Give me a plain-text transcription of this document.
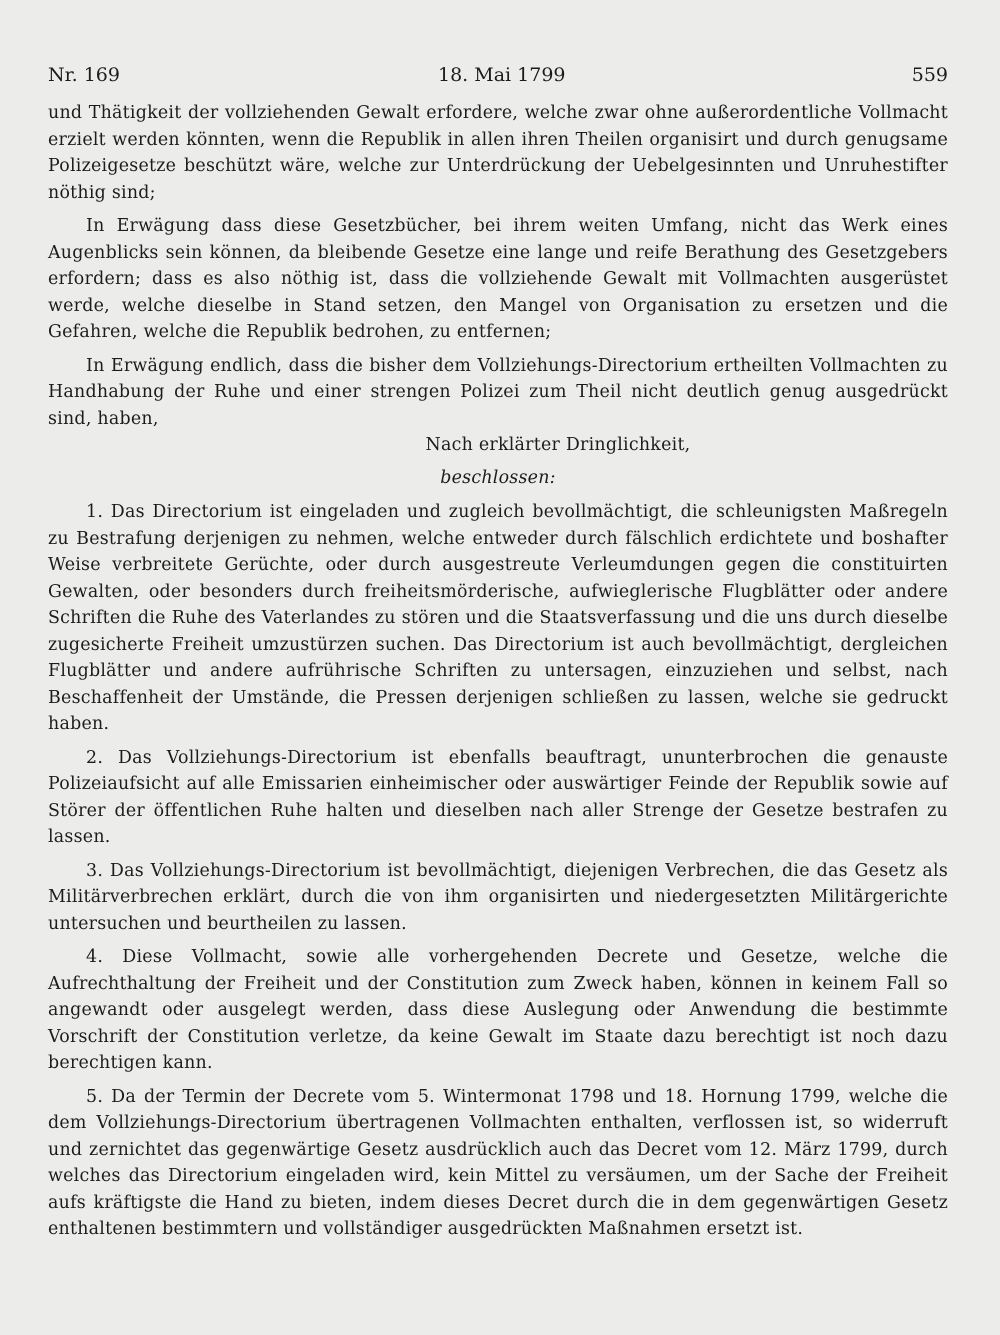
Nr. 169	18. Mai 1799	559

und Thätigkeit der vollziehenden Gewalt erfordere, welche zwar ohne außerordentliche Vollmacht erzielt werden könnten, wenn die Republik in allen ihren Theilen organisirt und durch genugsame Polizeigesetze beschützt wäre, welche zur Unterdrückung der Uebelgesinnten und Unruhestifter nöthig sind;

In Erwägung dass diese Gesetzbücher, bei ihrem weiten Umfang, nicht das Werk eines Augenblicks sein können, da bleibende Gesetze eine lange und reife Berathung des Gesetzgebers erfordern; dass es also nöthig ist, dass die vollziehende Gewalt mit Vollmachten ausgerüstet werde, welche dieselbe in Stand setzen, den Mangel von Organisation zu ersetzen und die Gefahren, welche die Republik bedrohen, zu entfernen;

In Erwägung endlich, dass die bisher dem Vollziehungs-Directorium ertheilten Vollmachten zu Handhabung der Ruhe und einer strengen Polizei zum Theil nicht deutlich genug ausgedrückt sind, haben,

Nach erklärter Dringlichkeit,

beschlossen:

1. Das Directorium ist eingeladen und zugleich bevollmächtigt, die schleunigsten Maßregeln zu Bestrafung derjenigen zu nehmen, welche entweder durch fälschlich erdichtete und boshafter Weise verbreitete Gerüchte, oder durch ausgestreute Verleumdungen gegen die constituirten Gewalten, oder besonders durch freiheitsmörderische, aufwieglerische Flugblätter oder andere Schriften die Ruhe des Vaterlandes zu stören und die Staatsverfassung und die uns durch dieselbe zugesicherte Freiheit umzustürzen suchen. Das Directorium ist auch bevollmächtigt, dergleichen Flugblätter und andere aufrührische Schriften zu untersagen, einzuziehen und selbst, nach Beschaffenheit der Umstände, die Pressen derjenigen schließen zu lassen, welche sie gedruckt haben.

2. Das Vollziehungs-Directorium ist ebenfalls beauftragt, ununterbrochen die genauste Polizeiaufsicht auf alle Emissarien einheimischer oder auswärtiger Feinde der Republik sowie auf Störer der öffentlichen Ruhe halten und dieselben nach aller Strenge der Gesetze bestrafen zu lassen.

3. Das Vollziehungs-Directorium ist bevollmächtigt, diejenigen Verbrechen, die das Gesetz als Militärverbrechen erklärt, durch die von ihm organisirten und niedergesetzten Militärgerichte untersuchen und beurtheilen zu lassen.

4. Diese Vollmacht, sowie alle vorhergehenden Decrete und Gesetze, welche die Aufrechthaltung der Freiheit und der Constitution zum Zweck haben, können in keinem Fall so angewandt oder ausgelegt werden, dass diese Auslegung oder Anwendung die bestimmte Vorschrift der Constitution verletze, da keine Gewalt im Staate dazu berechtigt ist noch dazu berechtigen kann.

5. Da der Termin der Decrete vom 5. Wintermonat 1798 und 18. Hornung 1799, welche die dem Vollziehungs-Directorium übertragenen Vollmachten enthalten, verflossen ist, so widerruft und zernichtet das gegenwärtige Gesetz ausdrücklich auch das Decret vom 12. März 1799, durch welches das Directorium eingeladen wird, kein Mittel zu versäumen, um der Sache der Freiheit aufs kräftigste die Hand zu bieten, indem dieses Decret durch die in dem gegenwärtigen Gesetz enthaltenen bestimmtern und vollständiger ausgedrückten Maßnahmen ersetzt ist.
